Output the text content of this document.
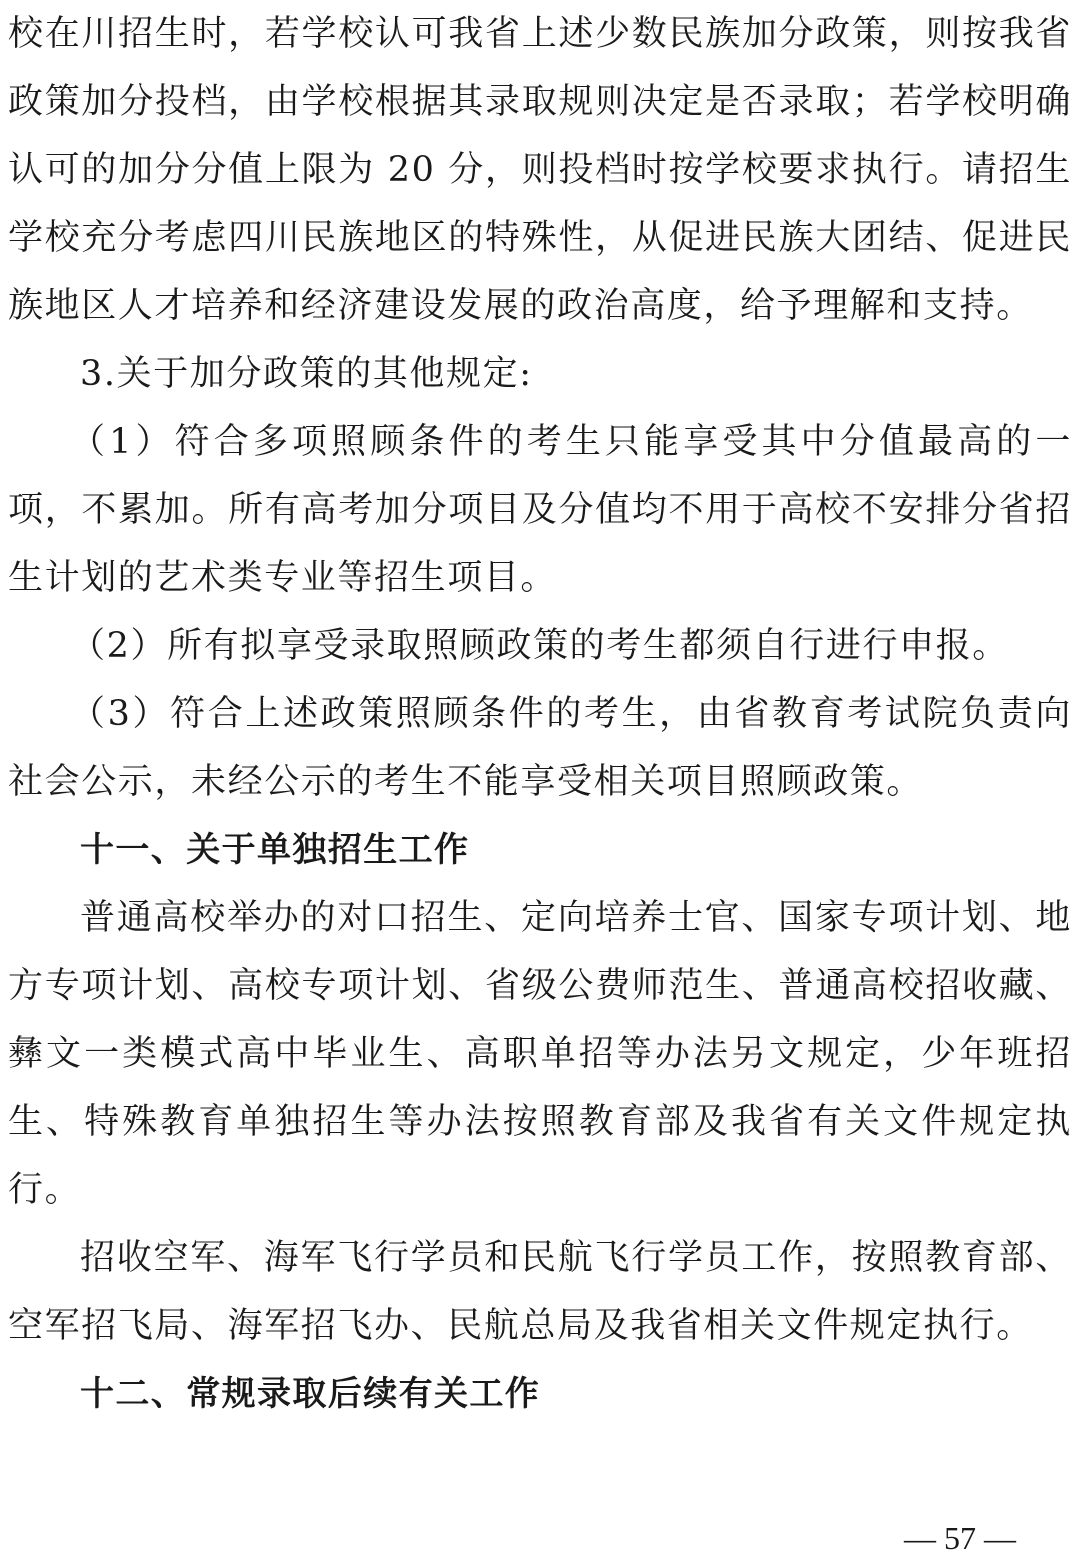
校在川招生时，若学校认可我省上述少数民族加分政策，则按我省政策加分投档，由学校根据其录取规则决定是否录取；若学校明确认可的加分分值上限为 20 分，则投档时按学校要求执行。请招生学校充分考虑四川民族地区的特殊性，从促进民族大团结、促进民族地区人才培养和经济建设发展的政治高度，给予理解和支持。

3.关于加分政策的其他规定:

（1）符合多项照顾条件的考生只能享受其中分值最高的一项，不累加。所有高考加分项目及分值均不用于高校不安排分省招生计划的艺术类专业等招生项目。

（2）所有拟享受录取照顾政策的考生都须自行进行申报。

（3）符合上述政策照顾条件的考生，由省教育考试院负责向社会公示，未经公示的考生不能享受相关项目照顾政策。

十一、关于单独招生工作

普通高校举办的对口招生、定向培养士官、国家专项计划、地方专项计划、高校专项计划、省级公费师范生、普通高校招收藏、彝文一类模式高中毕业生、高职单招等办法另文规定，少年班招生、特殊教育单独招生等办法按照教育部及我省有关文件规定执行。

招收空军、海军飞行学员和民航飞行学员工作，按照教育部、空军招飞局、海军招飞办、民航总局及我省相关文件规定执行。

十二、常规录取后续有关工作

— 57 —
